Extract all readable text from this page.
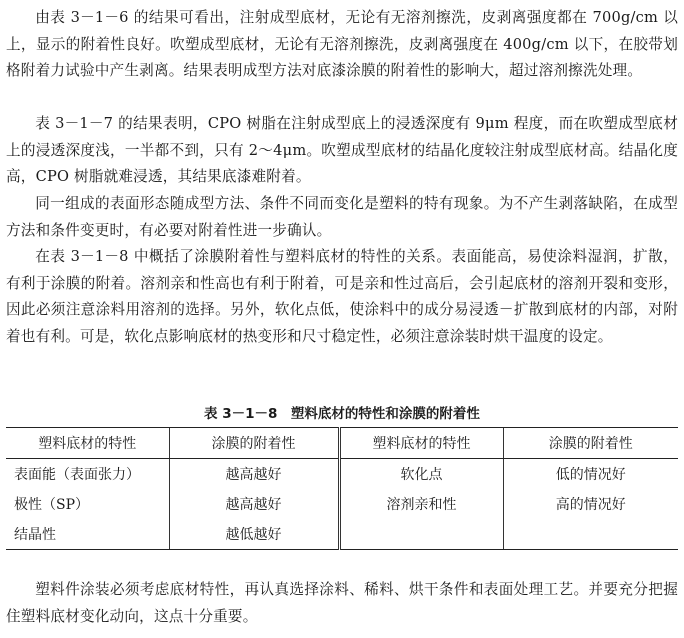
由表 3－1－6 的结果可看出，注射成型底材，无论有无溶剂擦洗，皮剥离强度都在 700g/cm 以上，显示的附着性良好。吹塑成型底材，无论有无溶剂擦洗，皮剥离强度在 400g/cm 以下，在胶带划格附着力试验中产生剥离。结果表明成型方法对底漆涂膜的附着性的影响大，超过溶剂擦洗处理。

表 3－1－7 的结果表明，CPO 树脂在注射成型底上的浸透深度有 9μm 程度，而在吹塑成型底材上的浸透深度浅，一半都不到，只有 2～4μm。吹塑成型底材的结晶化度较注射成型底材高。结晶化度高，CPO 树脂就难浸透，其结果底漆难附着。

同一组成的表面形态随成型方法、条件不同而变化是塑料的特有现象。为不产生剥落缺陷，在成型方法和条件变更时，有必要对附着性进一步确认。

在表 3－1－8 中概括了涂膜附着性与塑料底材的特性的关系。表面能高，易使涂料湿润，扩散，有利于涂膜的附着。溶剂亲和性高也有利于附着，可是亲和性过高后，会引起底材的溶剂开裂和变形，因此必须注意涂料用溶剂的选择。另外，软化点低，使涂料中的成分易浸透－扩散到底材的内部，对附着也有利。可是，软化点影响底材的热变形和尺寸稳定性，必须注意涂装时烘干温度的设定。

表 3－1－8　塑料底材的特性和涂膜的附着性
塑料底材的特性	涂膜的附着性	塑料底材的特性	涂膜的附着性
表面能（表面张力）	越高越好	软化点	低的情况好
极性（SP）	越高越好	溶剂亲和性	高的情况好
结晶性	越低越好		

塑料件涂装必须考虑底材特性，再认真选择涂料、稀料、烘干条件和表面处理工艺。并要充分把握住塑料底材变化动向，这点十分重要。
